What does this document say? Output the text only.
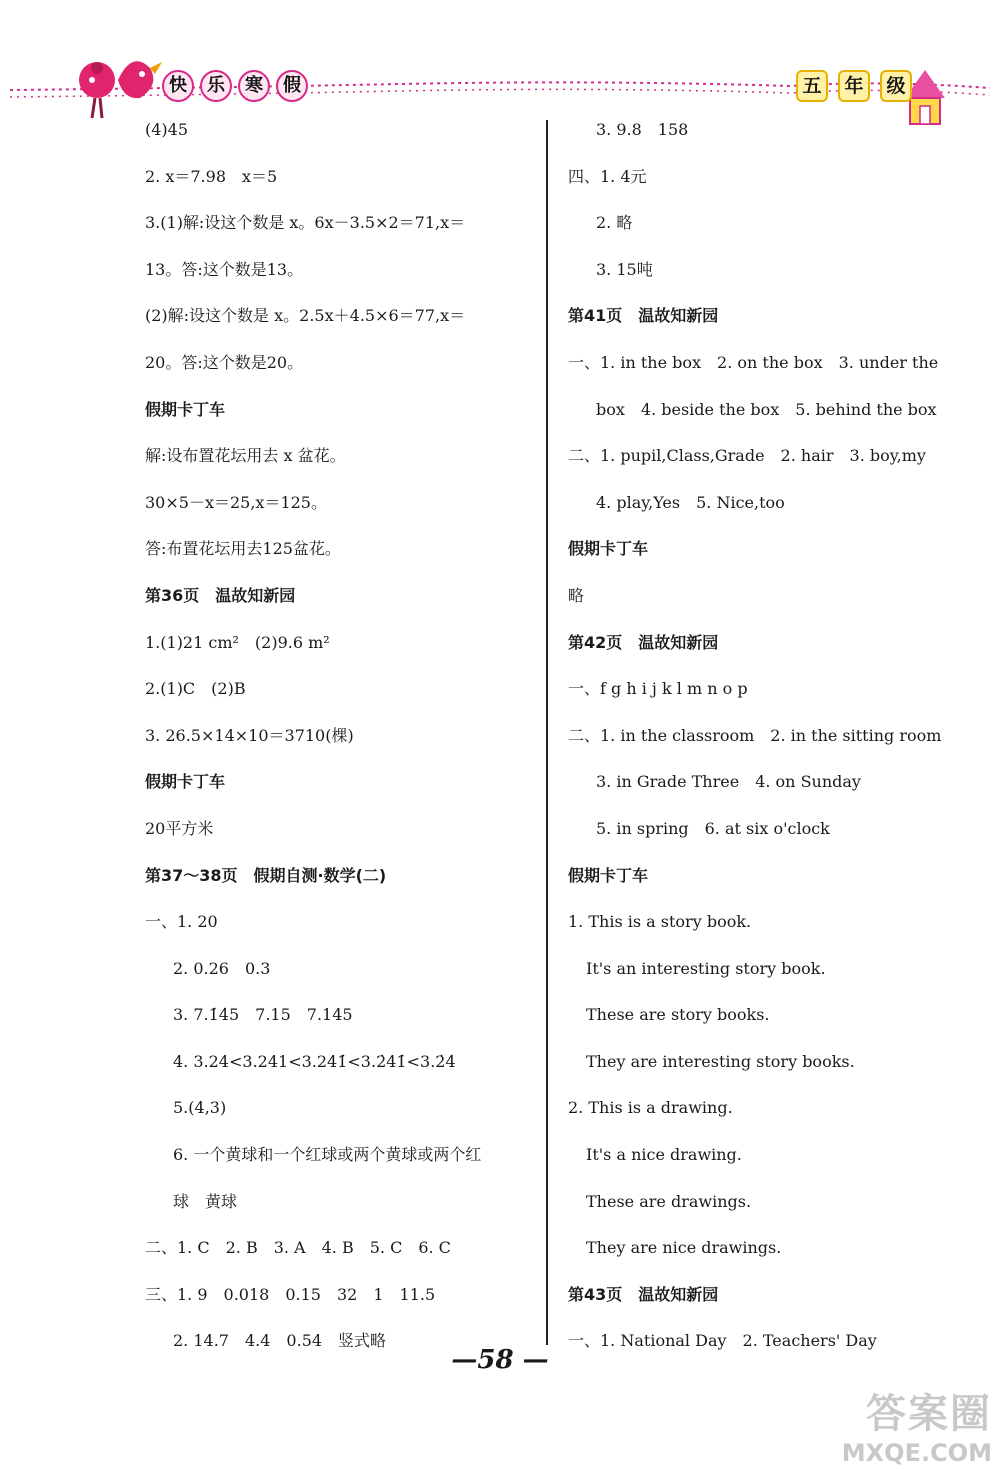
快	乐	寒	假	五	年	级
(4)45
2. x＝7.98　x＝5
3.(1)解:设这个数是 x。6x－3.5×2＝71,x＝
13。答:这个数是13。
(2)解:设这个数是 x。2.5x＋4.5×6＝77,x＝
20。答:这个数是20。
假期卡丁车
解:设布置花坛用去 x 盆花。
30×5－x＝25,x＝125。
答:布置花坛用去125盆花。
第36页　温故知新园
1.(1)21 cm²　(2)9.6 m²
2.(1)C　(2)B
3. 26.5×14×10＝3710(棵)
假期卡丁车
20平方米
第37～38页　假期自测·数学(二)
一、1. 20
2. 0.26　0.3
3. 7.1̇4̇5　7.15　7.145
4. 3.24<3.241<3.241̇<3.2̇41̇<3.2̇4̇
5.(4,3)
6. 一个黄球和一个红球或两个黄球或两个红
球　黄球
二、1. C　2. B　3. A　4. B　5. C　6. C
三、1. 9　0.018　0.15　32　1　11.5
2. 14.7　4.4　0.54　竖式略
3. 9.8　158
四、1. 4元
2. 略
3. 15吨
第41页　温故知新园
一、1. in the box　2. on the box　3. under the
box　4. beside the box　5. behind the box
二、1. pupil,Class,Grade　2. hair　3. boy,my
4. play,Yes　5. Nice,too
假期卡丁车
略
第42页　温故知新园
一、f g h i j k l m n o p
二、1. in the classroom　2. in the sitting room
3. in Grade Three　4. on Sunday
5. in spring　6. at six o'clock
假期卡丁车
1. This is a story book.
It's an interesting story book.
These are story books.
They are interesting story books.
2. This is a drawing.
It's a nice drawing.
These are drawings.
They are nice drawings.
第43页　温故知新园
一、1. National Day　2. Teachers' Day
—58 —
答案圈
MXQE.COM
